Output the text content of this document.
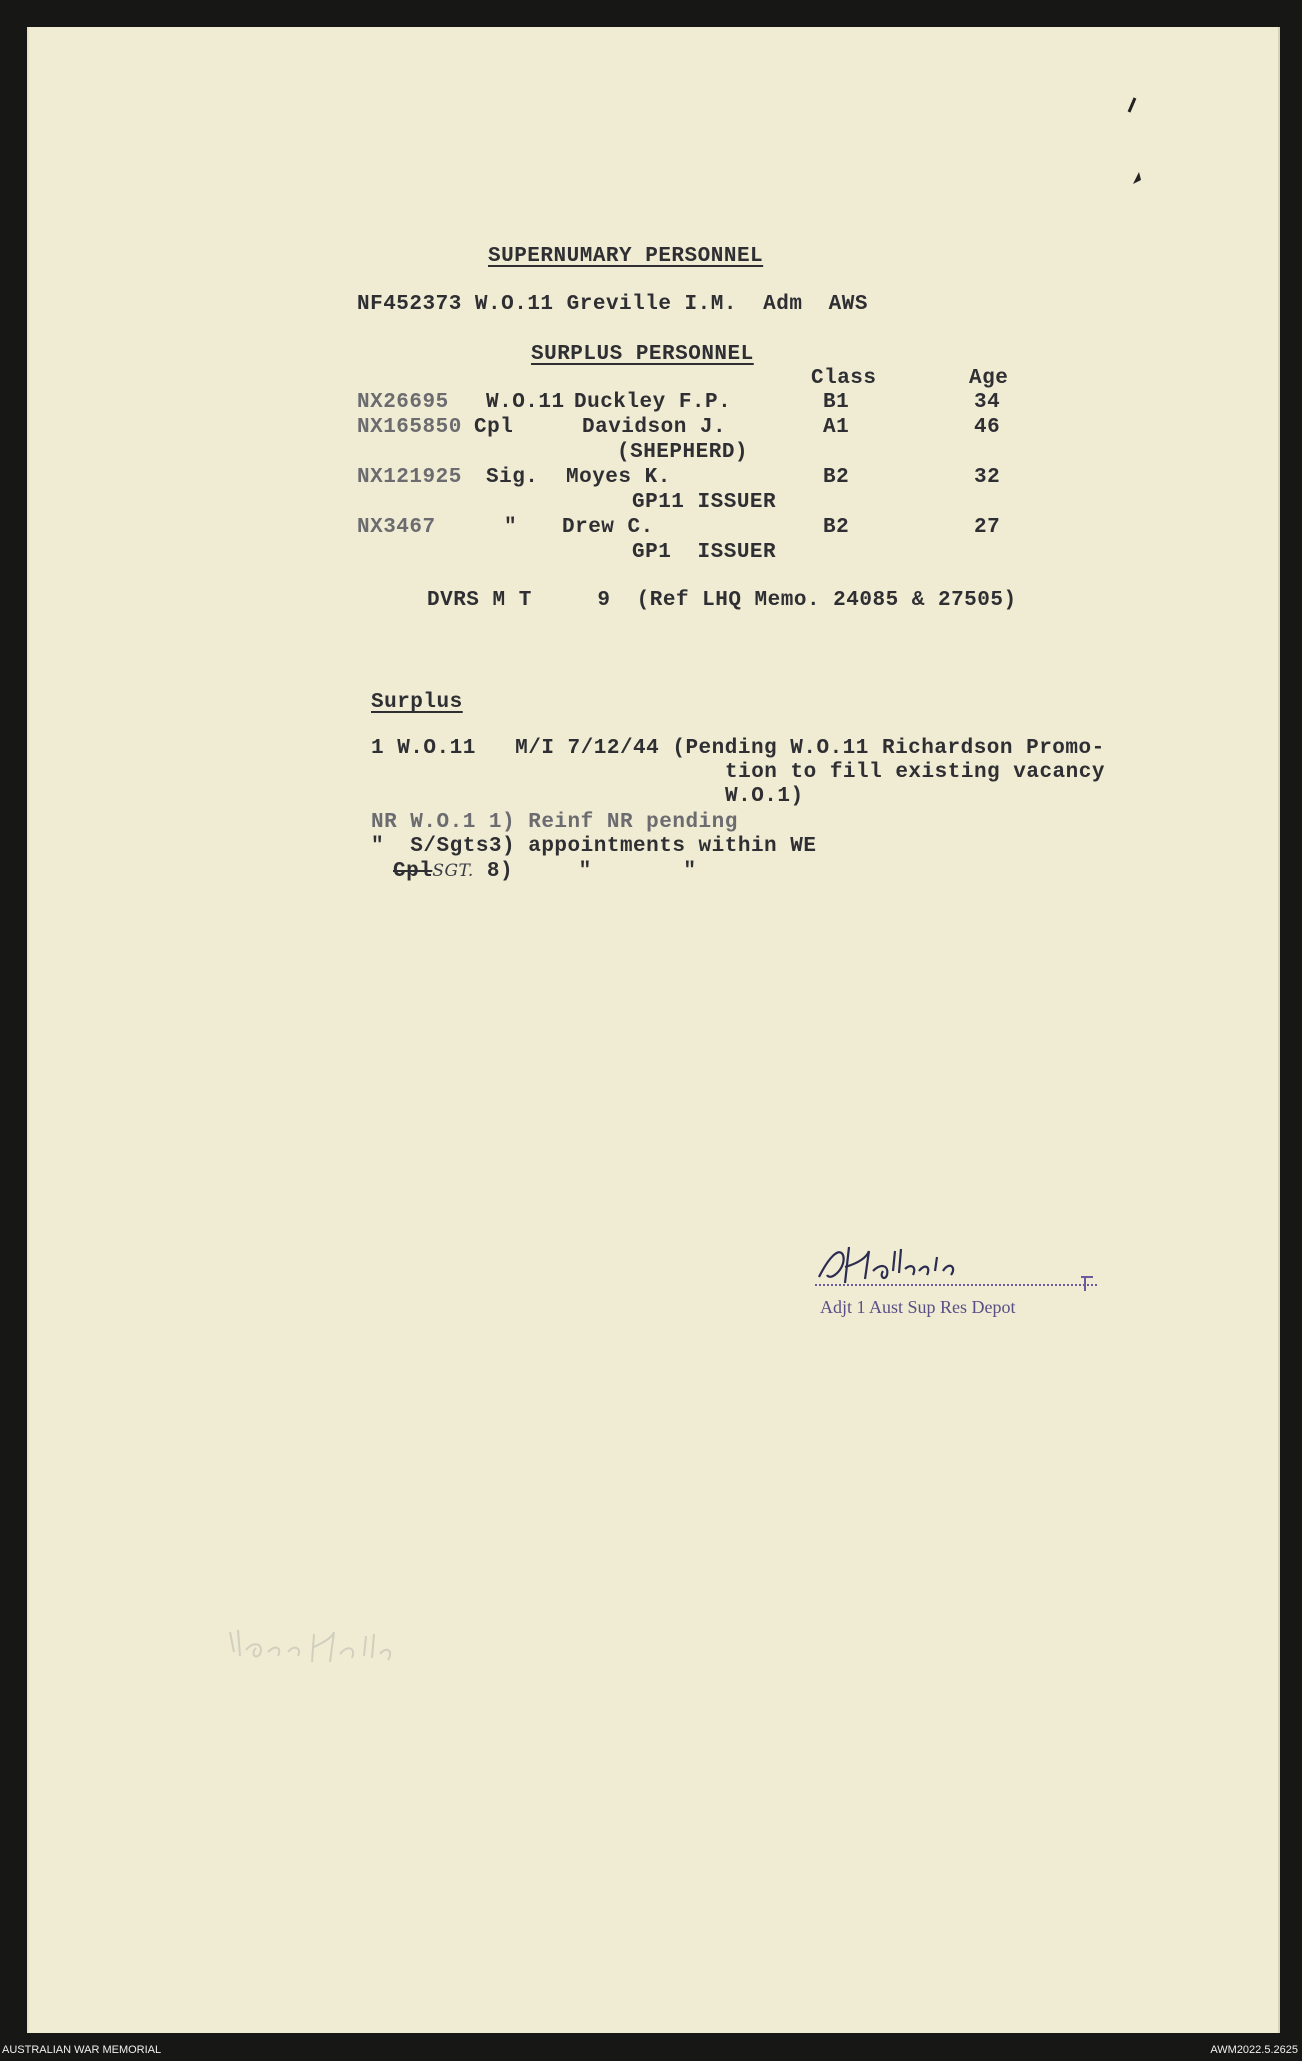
SUPERNUMARY PERSONNEL
NF452373 W.O.11 Greville I.M.  Adm  AWS
SURPLUS PERSONNEL
Class	Age
NX26695 W.O.11 Duckley F.P.	B1	34
NX165850 Cpl	Davidson J.	A1	46
(SHEPHERD)
NX121925 Sig. Moyes K.	B2	32
GP11 ISSUER
NX3467	" Drew C.	B2	27
GP1  ISSUER
DVRS M T     9  (Ref LHQ Memo. 24085 & 27505)
Surplus
1 W.O.11   M/I 7/12/44 (Pending W.O.11 Richardson Promo-
tion to fill existing vacancy
W.O.1)
NR W.O.1 1) Reinf NR pending
"  S/Sgts3) appointments within WE
CplSGT. 8)     "       "
Adjt 1 Aust Sup Res Depot
AUSTRALIAN WAR MEMORIAL	AWM2022.5.2625
